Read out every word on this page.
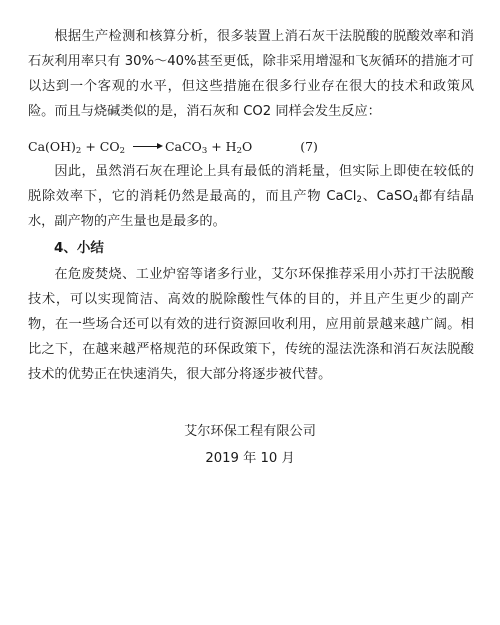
根据生产检测和核算分析，很多装置上消石灰干法脱酸的脱酸效率和消石灰利用率只有 30%～40%甚至更低，除非采用增湿和飞灰循环的措施才可以达到一个客观的水平，但这些措施在很多行业存在很大的技术和政策风险。而且与烧碱类似的是，消石灰和 CO2 同样会发生反应：

$Ca(OH)_2 + CO_2$ → CaCO$_3$ + $H_2O$	(7)

因此，虽然消石灰在理论上具有最低的消耗量，但实际上即使在较低的脱除效率下，它的消耗仍然是最高的，而且产物 CaCl$_2$、CaSO$_4$都有结晶水，副产物的产生量也是最多的。

4、小结

在危废焚烧、工业炉窑等诸多行业，艾尔环保推荐采用小苏打干法脱酸技术，可以实现简洁、高效的脱除酸性气体的目的，并且产生更少的副产物，在一些场合还可以有效的进行资源回收利用，应用前景越来越广阔。相比之下，在越来越严格规范的环保政策下，传统的湿法洗涤和消石灰法脱酸技术的优势正在快速消失，很大部分将逐步被代替。

艾尔环保工程有限公司
2019 年 10 月
